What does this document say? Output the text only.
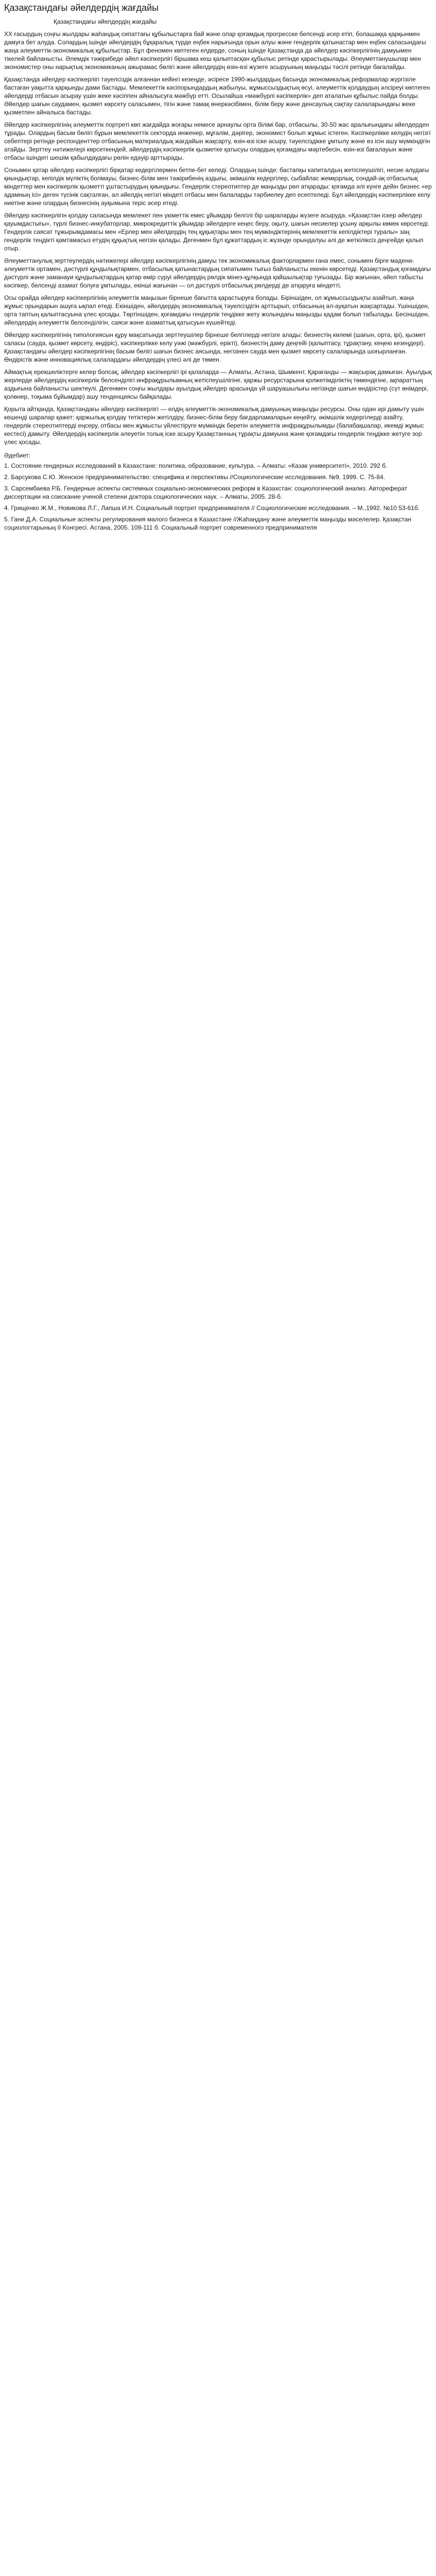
Қазақстандағы әйелдердің жағдайы
Қазақстандағы әйелдердің жағдайы

XX ғасырдың соңғы жылдары жаһандық сипаттағы құбылыстарға бай және олар қоғамдық прогресске белсенді әсер етіп, болашаққа қарқынмен дамуға бет алуда. Солардың ішінде әйелдердің бұқаралық түрде еңбек нарығында орын алуы және гендерлік қатынастар мен еңбек саласындағы жаңа әлеуметтік-экономикалық құбылыстар. Бұл феномен көптеген елдерде, соның ішінде Қазақстанда да әйелдер кәсіпкерлігінің дамуымен тікелей байланысты. Әлемдік тәжірибеде әйел кәсіпкерлігі біршама кеш қалыптасқан құбылыс ретінде қарастырылады. Әлеуметтанушылар мен экономистер оны нарықтық экономиканың ажырамас бөлігі және әйелдердің өзін-өзі жүзеге асыруының маңызды тәсілі ретінде бағалайды.

Қазақстанда әйелдер кәсіпкерлігі тәуелсіздік алғаннан кейінгі кезеңде, әсіресе 1990-жылдардың басында экономикалық реформалар жүргізіле бастаған уақытта қарқынды дами бастады. Мемлекеттік кәсіпорындардың жабылуы, жұмыссыздықтың өсуі, әлеуметтік қолдаудың әлсіреуі көптеген әйелдерді отбасын асырау үшін жеке кәсіппен айналысуға мәжбүр етті. Осылайша «мәжбүрлі кәсіпкерлік» деп аталатын құбылыс пайда болды. Әйелдер шағын саудамен, қызмет көрсету саласымен, тігін және тамақ өнеркәсібімен, білім беру және денсаулық сақтау салаларындағы жеке қызметпен айналыса бастады.

Әйелдер кәсіпкерлігінің әлеуметтік портреті көп жағдайда жоғары немесе арнаулы орта білімі бар, отбасылы, 30-50 жас аралығындағы әйелдерден тұрады. Олардың басым бөлігі бұрын мемлекеттік секторда инженер, мұғалім, дәрігер, экономист болып жұмыс істеген. Кәсіпкерлікке келудің негізгі себептері ретінде респонденттер отбасының материалдық жағдайын жақсарту, өзін-өзі іске асыру, тәуелсіздікке ұмтылу және өз ісін ашу мүмкіндігін атайды. Зерттеу нәтижелері көрсеткендей, әйелдердің кәсіпкерлік қызметке қатысуы олардың қоғамдағы мәртебесін, өзін-өзі бағалауын және отбасы ішіндегі шешім қабылдаудағы рөлін едәуір арттырады.

Сонымен қатар әйелдер кәсіпкерлігі бірқатар кедергілермен бетпе-бет келеді. Олардың ішінде: бастапқы капиталдың жетіспеушілігі, несие алудағы қиындықтар, кепілдік мүліктің болмауы, бизнес-білім мен тәжірибенің аздығы, әкімшілік кедергілер, сыбайлас жемқорлық, сондай-ақ отбасылық міндеттер мен кәсіпкерлік қызметті ұштастырудың қиындығы. Гендерлік стереотиптер де маңызды рөл атқарады: қоғамда әлі күнге дейін бизнес «ер адамның ісі» деген түсінік сақталған, ал әйелдің негізгі міндеті отбасы мен балаларды тәрбиелеу деп есептеледі. Бұл әйелдердің кәсіпкерлікке келу ниетіне және олардың бизнесінің ауқымына теріс әсер етеді.

Әйелдер кәсіпкерлігін қолдау саласында мемлекет пен үкіметтік емес ұйымдар белгілі бір шараларды жүзеге асыруда. «Қазақстан іскер әйелдер қауымдастығы», түрлі бизнес-инкубаторлар, микрокредиттік ұйымдар әйелдерге кеңес беру, оқыту, шағын несиелер ұсыну арқылы көмек көрсетеді. Гендерлік саясат тұжырымдамасы мен «Ерлер мен әйелдердің тең құқықтары мен тең мүмкіндіктерінің мемлекеттік кепілдіктері туралы» заң гендерлік теңдікті қамтамасыз етудің құқықтық негізін қалады. Дегенмен бұл құжаттардың іс жүзінде орындалуы әлі де жеткіліксіз деңгейде қалып отыр.

Әлеуметтанулық зерттеулердің нәтижелері әйелдер кәсіпкерлігінің дамуы тек экономикалық факторлармен ғана емес, сонымен бірге мәдени-әлеуметтік ортамен, дәстүрлі құндылықтармен, отбасылық қатынастардың сипатымен тығыз байланысты екенін көрсетеді. Қазақстандық қоғамдағы дәстүрлі және заманауи құндылықтардың қатар өмір сүруі әйелдердің рөлдік мінез-құлқында қайшылықтар туғызады. Бір жағынан, әйел табысты кәсіпкер, белсенді азамат болуға ұмтылады, екінші жағынан — ол дәстүрлі отбасылық рөлдерді де атқаруға міндетті.

Осы орайда әйелдер кәсіпкерлігінің әлеуметтік маңызын бірнеше бағытта қарастыруға болады. Біріншіден, ол жұмыссыздықты азайтып, жаңа жұмыс орындарын ашуға ықпал етеді. Екіншіден, әйелдердің экономикалық тәуелсіздігін арттырып, отбасының әл-ауқатын жақсартады. Үшіншіден, орта таптың қалыптасуына үлес қосады. Төртіншіден, қоғамдағы гендерлік теңдікке жету жолындағы маңызды қадам болып табылады. Бесіншіден, әйелдердің әлеуметтік белсенділігін, саяси және азаматтық қатысуын күшейтеді.

Әйелдер кәсіпкерлігінің типологиясын құру мақсатында зерттеушілер бірнеше белгілерді негізге алады: бизнестің көлемі (шағын, орта, ірі), қызмет саласы (сауда, қызмет көрсету, өндіріс), кәсіпкерлікке келу уәжі (мәжбүрлі, ерікті), бизнестің даму деңгейі (қалыптасу, тұрақтану, кеңею кезеңдері). Қазақстандағы әйелдер кәсіпкерлігінің басым бөлігі шағын бизнес аясында, негізінен сауда мен қызмет көрсету салаларында шоғырланған. Өндірістік және инновациялық салалардағы әйелдердің үлесі әлі де төмен.

Аймақтық ерекшеліктерге келер болсақ, әйелдер кәсіпкерлігі ірі қалаларда — Алматы, Астана, Шымкент, Қарағанды — жақсырақ дамыған. Ауылдық жерлерде әйелдердің кәсіпкерлік белсенділігі инфрақұрылымның жетіспеушілігіне, қаржы ресурстарына қолжетімділіктің төмендігіне, ақпараттың аздығына байланысты шектеулі. Дегенмен соңғы жылдары ауылдық әйелдер арасында үй шаруашылығы негізінде шағын өндірістер (сүт өнімдері, қолөнер, тоқыма бұйымдар) ашу тенденциясы байқалады.

Қорыта айтқанда, Қазақстандағы әйелдер кәсіпкерлігі — елдің әлеуметтік-экономикалық дамуының маңызды ресурсы. Оны одан әрі дамыту үшін кешенді шаралар қажет: қаржылық қолдау тетіктерін жетілдіру, бизнес-білім беру бағдарламаларын кеңейту, әкімшілік кедергілерді азайту, гендерлік стереотиптерді еңсеру, отбасы мен жұмысты үйлестіруге мүмкіндік беретін әлеуметтік инфрақұрылымды (балабақшалар, икемді жұмыс кестесі) дамыту. Әйелдердің кәсіпкерлік әлеуетін толық іске асыру Қазақстанның тұрақты дамуына және қоғамдағы гендерлік теңдікке жетуге зор үлес қосады.

Әдебиет:
1. Состояние гендерных исследований в Казахстане: политика, образование, культура. – Алматы: «Казак университеті», 2010. 292 б.
2. Барсукова С.Ю. Женское предпринимательство: специфика и перспективы //Социологические исследования. №9. 1999. С. 75-84.
3. Сарсембаева Р.Б. Гендерные аспекты системных социально-экономических реформ в Казахстан: социологический анализ. Автореферат диссертации на соискание ученой степени доктора социологических наук. – Алматы, 2005. 28-б.
4. Грищенко Ж.М., Новикова Л.Г., Лапша И.Н. Социальный портрет предпринимателя // Социологические исследования. – М.,1992. №10 53-61б.
5. Гани Д.А. Социальные аспекты регулирования малого бизнеса в Казахстане //Жаһандану және әлеуметтік маңызды мәселелер. Қазақстан социологтарының II Конгресі. Астана, 2005. 109-111 б. Социальный портрет современного предпринимателя
